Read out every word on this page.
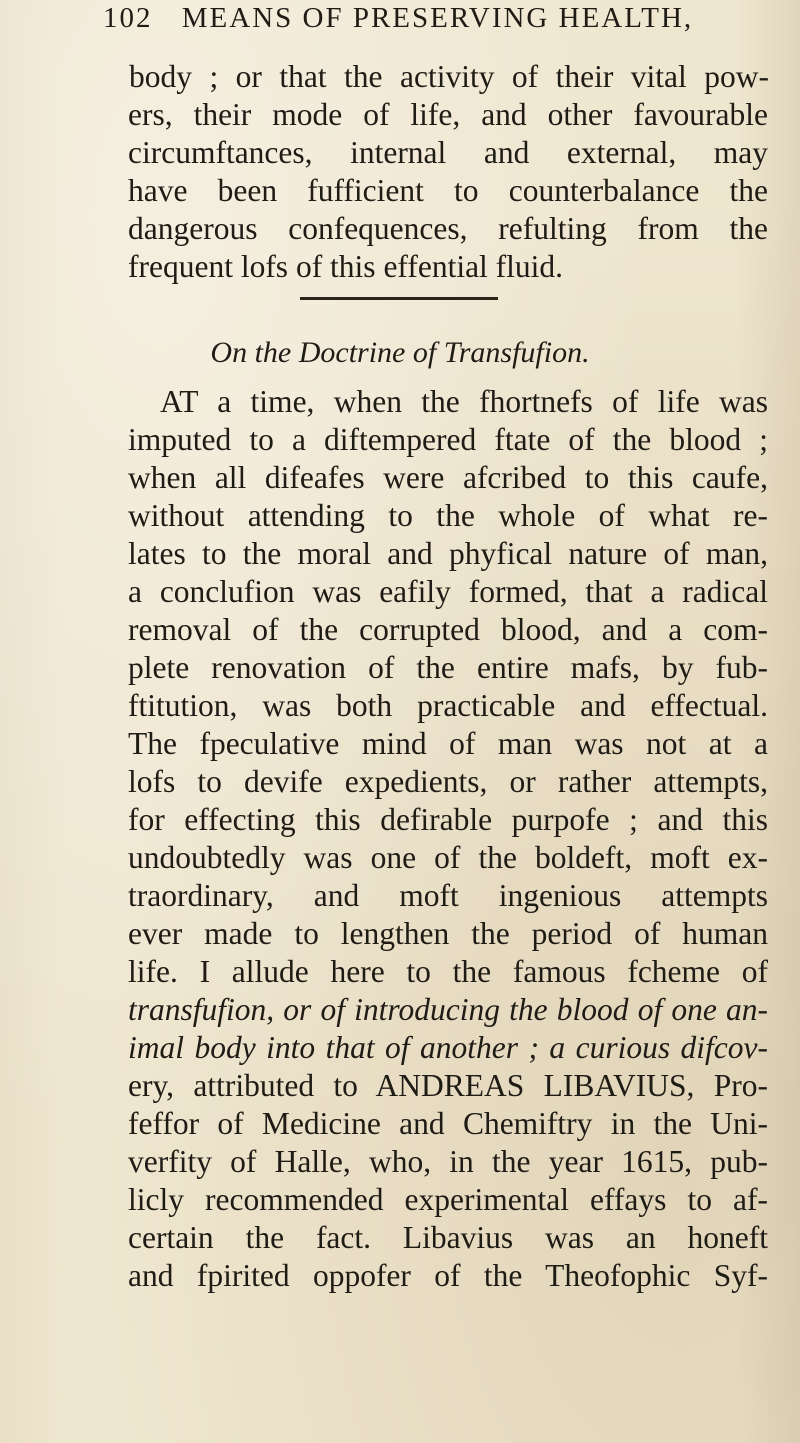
102 MEANS OF PRESERVING HEALTH,
body ; or that the activity of their vital pow-
ers, their mode of life, and other favourable
circumftances, internal and external, may
have been fufficient to counterbalance the
dangerous confequences, refulting from the
frequent lofs of this effential fluid.
On the Doctrine of Transfufion.
AT a time, when the fhortnefs of life was
imputed to a diftempered ftate of the blood ;
when all difeafes were afcribed to this caufe,
without attending to the whole of what re-
lates to the moral and phyfical nature of man,
a conclufion was eafily formed, that a radical
removal of the corrupted blood, and a com-
plete renovation of the entire mafs, by fub-
ftitution, was both practicable and effectual.
The fpeculative mind of man was not at a
lofs to devife expedients, or rather attempts,
for effecting this defirable purpofe ; and this
undoubtedly was one of the boldeft, moft ex-
traordinary, and moft ingenious attempts
ever made to lengthen the period of human
life. I allude here to the famous fcheme of
transfufion, or of introducing the blood of one an-
imal body into that of another ; a curious difcov-
ery, attributed to ANDREAS LIBAVIUS, Pro-
feffor of Medicine and Chemiftry in the Uni-
verfity of Halle, who, in the year 1615, pub-
licly recommended experimental effays to af-
certain the fact. Libavius was an honeft
and fpirited oppofer of the Theofophic Syf-
